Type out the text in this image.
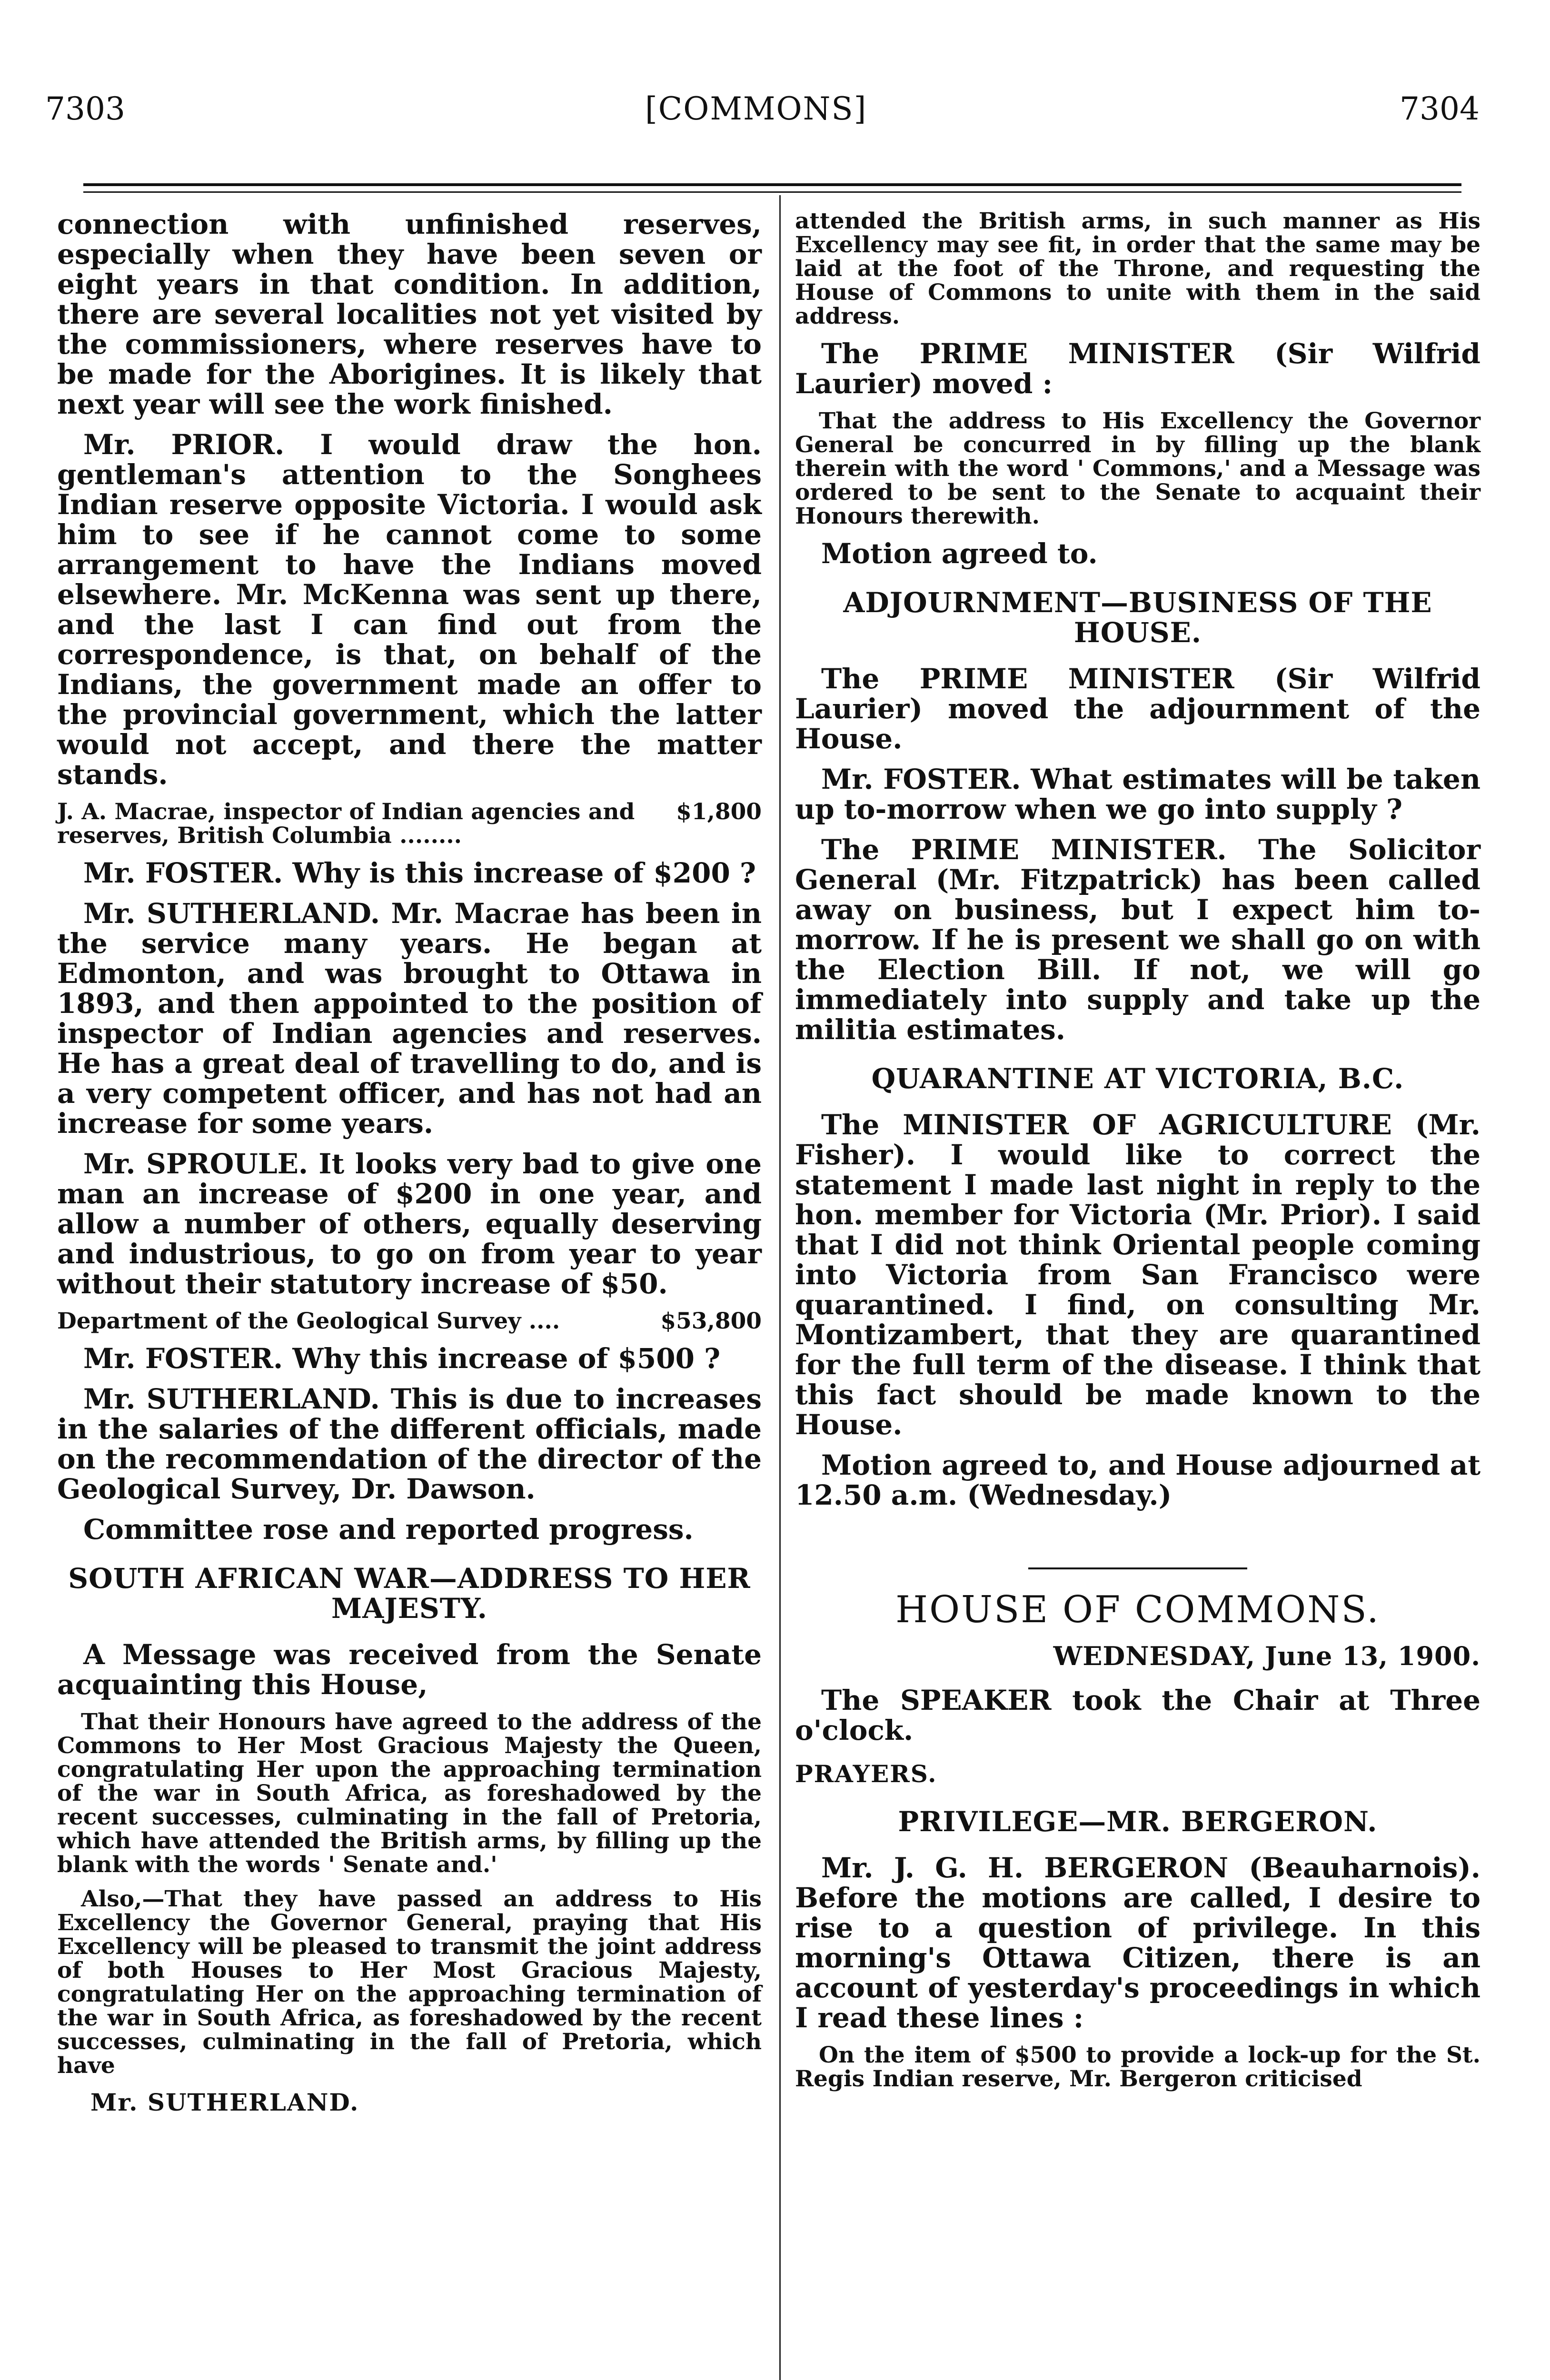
7303	[COMMONS]	7304

connection with unfinished reserves, especially when they have been seven or eight years in that condition. In addition, there are several localities not yet visited by the commissioners, where reserves have to be made for the Aborigines. It is likely that next year will see the work finished.

Mr. PRIOR. I would draw the hon. gentleman's attention to the Songhees Indian reserve opposite Victoria. I would ask him to see if he cannot come to some arrangement to have the Indians moved elsewhere. Mr. McKenna was sent up there, and the last I can find out from the correspondence, is that, on behalf of the Indians, the government made an offer to the provincial government, which the latter would not accept, and there the matter stands.

$1,800
J. A. Macrae, inspector of Indian agencies and reserves, British Columbia ........

Mr. FOSTER. Why is this increase of $200 ?

Mr. SUTHERLAND. Mr. Macrae has been in the service many years. He began at Edmonton, and was brought to Ottawa in 1893, and then appointed to the position of inspector of Indian agencies and reserves. He has a great deal of travelling to do, and is a very competent officer, and has not had an increase for some years.

Mr. SPROULE. It looks very bad to give one man an increase of $200 in one year, and allow a number of others, equally deserving and industrious, to go on from year to year without their statutory increase of $50.

$53,800
Department of the Geological Survey ....

Mr. FOSTER. Why this increase of $500 ?

Mr. SUTHERLAND. This is due to increases in the salaries of the different officials, made on the recommendation of the director of the Geological Survey, Dr. Dawson.

Committee rose and reported progress.

SOUTH AFRICAN WAR—ADDRESS TO HER MAJESTY.

A Message was received from the Senate acquainting this House,

That their Honours have agreed to the address of the Commons to Her Most Gracious Majesty the Queen, congratulating Her upon the approaching termination of the war in South Africa, as foreshadowed by the recent successes, culminating in the fall of Pretoria, which have attended the British arms, by filling up the blank with the words ' Senate and.'

Also,—That they have passed an address to His Excellency the Governor General, praying that His Excellency will be pleased to transmit the joint address of both Houses to Her Most Gracious Majesty, congratulating Her on the approaching termination of the war in South Africa, as foreshadowed by the recent successes, culminating in the fall of Pretoria, which have

Mr. SUTHERLAND.

attended the British arms, in such manner as His Excellency may see fit, in order that the same may be laid at the foot of the Throne, and requesting the House of Commons to unite with them in the said address.

The PRIME MINISTER (Sir Wilfrid Laurier) moved :

That the address to His Excellency the Governor General be concurred in by filling up the blank therein with the word ' Commons,' and a Message was ordered to be sent to the Senate to acquaint their Honours therewith.

Motion agreed to.

ADJOURNMENT—BUSINESS OF THE HOUSE.

The PRIME MINISTER (Sir Wilfrid Laurier) moved the adjournment of the House.

Mr. FOSTER. What estimates will be taken up to-morrow when we go into supply ?

The PRIME MINISTER. The Solicitor General (Mr. Fitzpatrick) has been called away on business, but I expect him to-morrow. If he is present we shall go on with the Election Bill. If not, we will go immediately into supply and take up the militia estimates.

QUARANTINE AT VICTORIA, B.C.

The MINISTER OF AGRICULTURE (Mr. Fisher). I would like to correct the statement I made last night in reply to the hon. member for Victoria (Mr. Prior). I said that I did not think Oriental people coming into Victoria from San Francisco were quarantined. I find, on consulting Mr. Montizambert, that they are quarantined for the full term of the disease. I think that this fact should be made known to the House.

Motion agreed to, and House adjourned at 12.50 a.m. (Wednesday.)

HOUSE OF COMMONS.
WEDNESDAY, June 13, 1900.

The SPEAKER took the Chair at Three o'clock.

PRAYERS.
PRIVILEGE—MR. BERGERON.

Mr. J. G. H. BERGERON (Beauharnois). Before the motions are called, I desire to rise to a question of privilege. In this morning's Ottawa Citizen, there is an account of yesterday's proceedings in which I read these lines :

On the item of $500 to provide a lock-up for the St. Regis Indian reserve, Mr. Bergeron criticised
